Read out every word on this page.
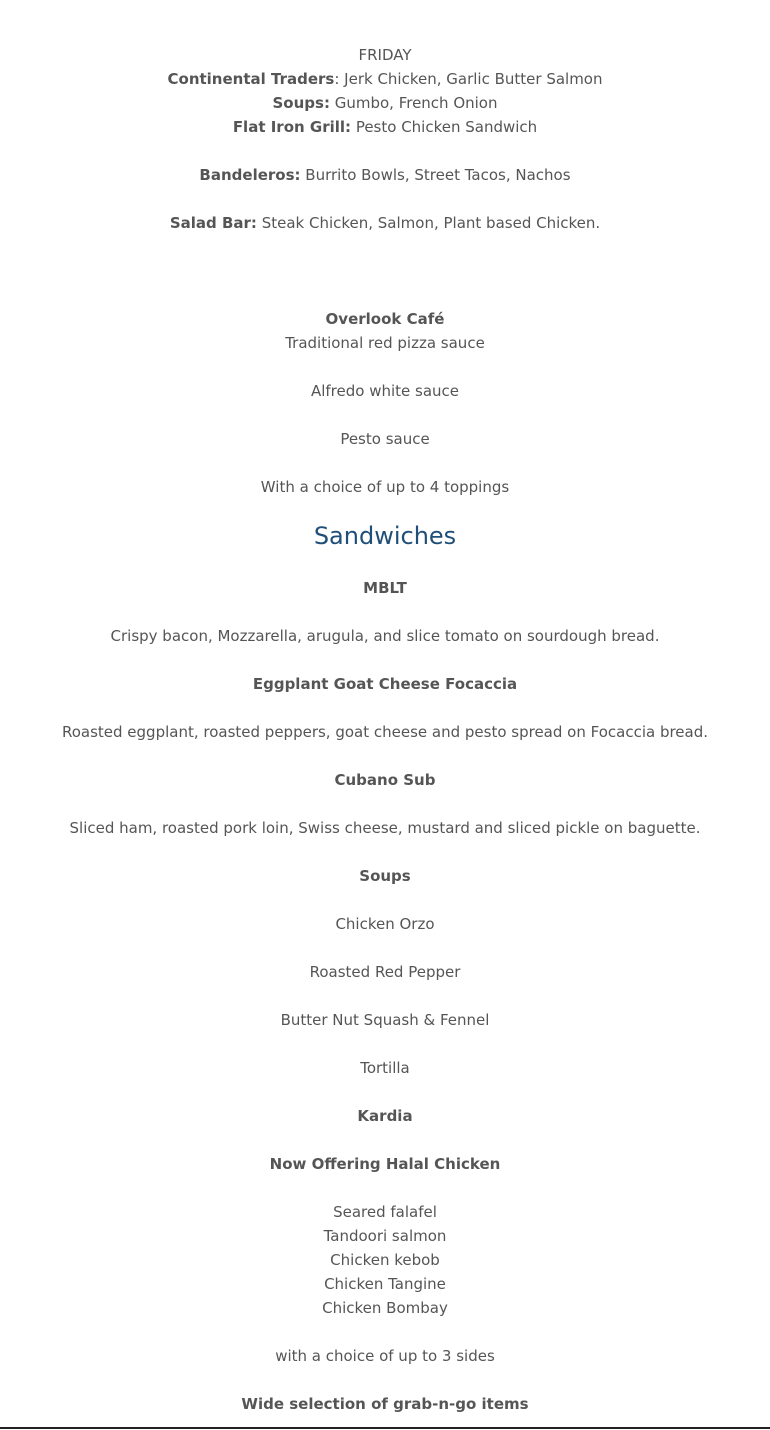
FRIDAY
Continental Traders: Jerk Chicken, Garlic Butter Salmon
Soups: Gumbo, French Onion
Flat Iron Grill: Pesto Chicken Sandwich
Bandeleros: Burrito Bowls, Street Tacos, Nachos
Salad Bar: Steak Chicken, Salmon, Plant based Chicken.
Overlook Café
Traditional red pizza sauce
Alfredo white sauce
Pesto sauce
With a choice of up to 4 toppings
Sandwiches
MBLT
Crispy bacon, Mozzarella, arugula, and slice tomato on sourdough bread.
Eggplant Goat Cheese Focaccia
Roasted eggplant, roasted peppers, goat cheese and pesto spread on Focaccia bread.
Cubano Sub
Sliced ham, roasted pork loin, Swiss cheese, mustard and sliced pickle on baguette.
Soups
Chicken Orzo
Roasted Red Pepper
Butter Nut Squash & Fennel
Tortilla
Kardia
Now Offering Halal Chicken
Seared falafel
Tandoori salmon
Chicken kebob
Chicken Tangine
Chicken Bombay
with a choice of up to 3 sides
Wide selection of grab-n-go items
